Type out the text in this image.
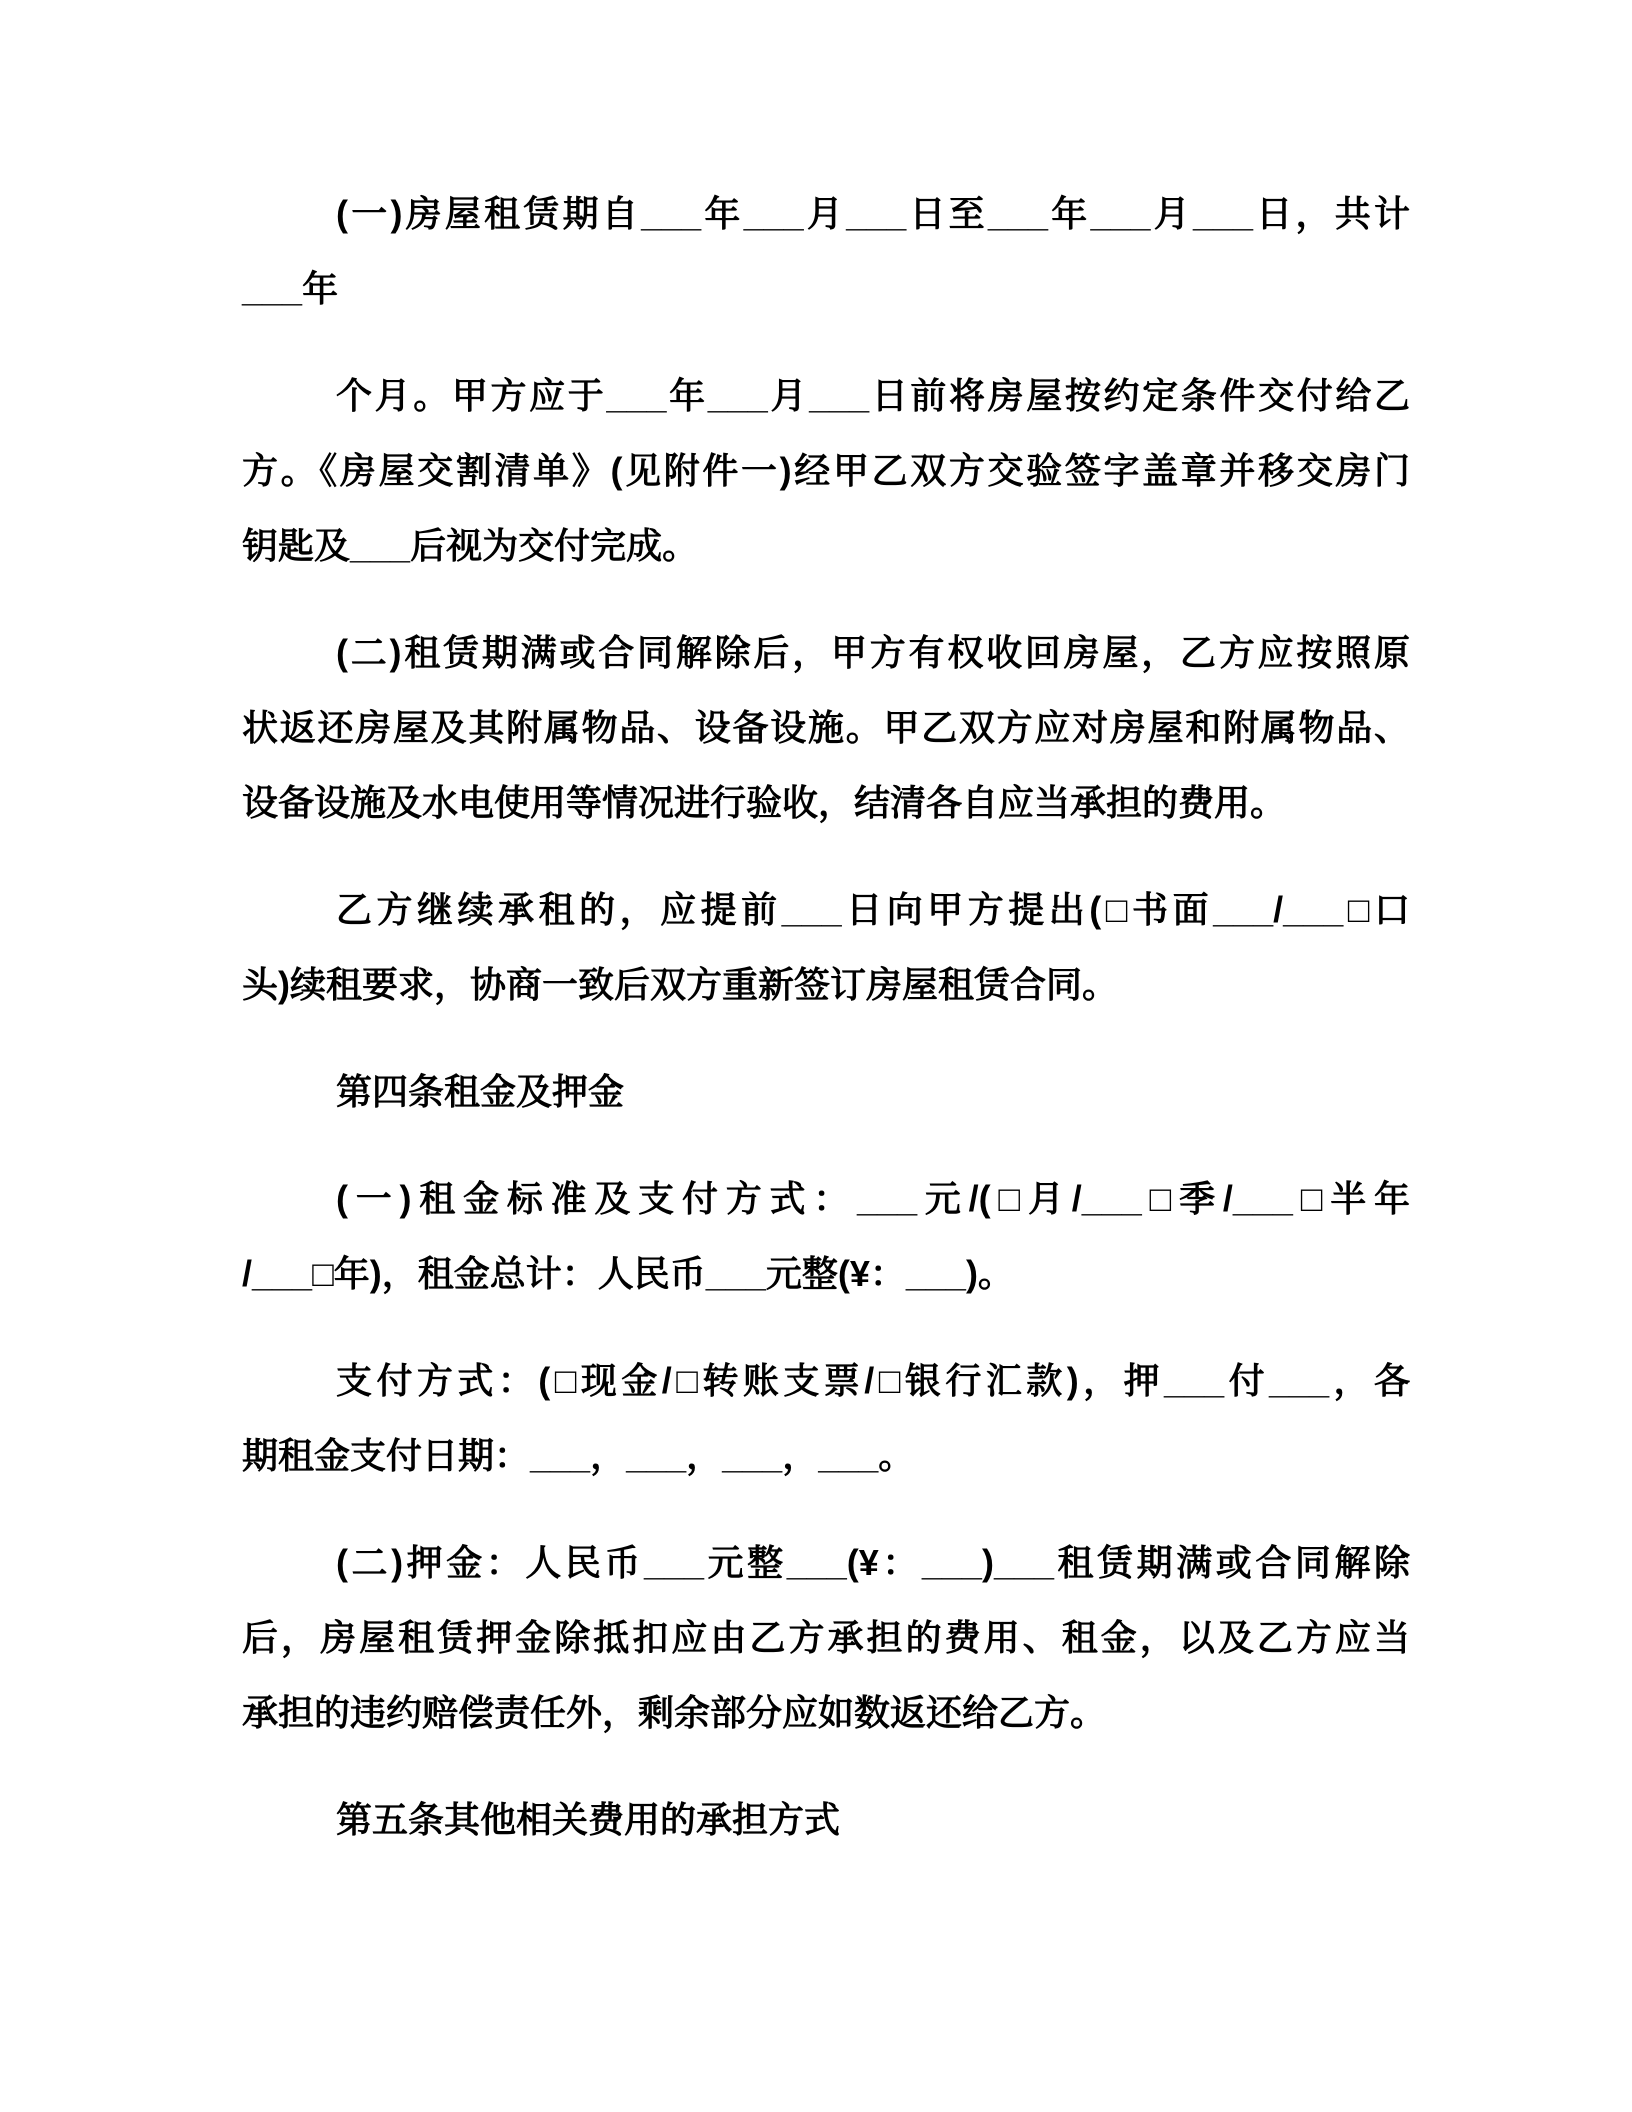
(一)房屋租赁期自___年___月___日至___年___月___日，共计
___年
个月。甲方应于___年___月___日前将房屋按约定条件交付给乙
方。《房屋交割清单》(见附件一)经甲乙双方交验签字盖章并移交房门
钥匙及___后视为交付完成。
(二)租赁期满或合同解除后，甲方有权收回房屋，乙方应按照原
状返还房屋及其附属物品、设备设施。甲乙双方应对房屋和附属物品、
设备设施及水电使用等情况进行验收，结清各自应当承担的费用。
乙方继续承租的，应提前___日向甲方提出(□书面___/___□口
头)续租要求，协商一致后双方重新签订房屋租赁合同。
第四条租金及押金
(一)租金标准及支付方式：___元/(□月/___□季/___□半年
/___□年)，租金总计：人民币___元整(¥：___)。
支付方式：(□现金/□转账支票/□银行汇款)，押___付___，各
期租金支付日期：___，___，___，___。
(二)押金：人民币___元整___(¥：___)___租赁期满或合同解除
后，房屋租赁押金除抵扣应由乙方承担的费用、租金，以及乙方应当
承担的违约赔偿责任外，剩余部分应如数返还给乙方。
第五条其他相关费用的承担方式
